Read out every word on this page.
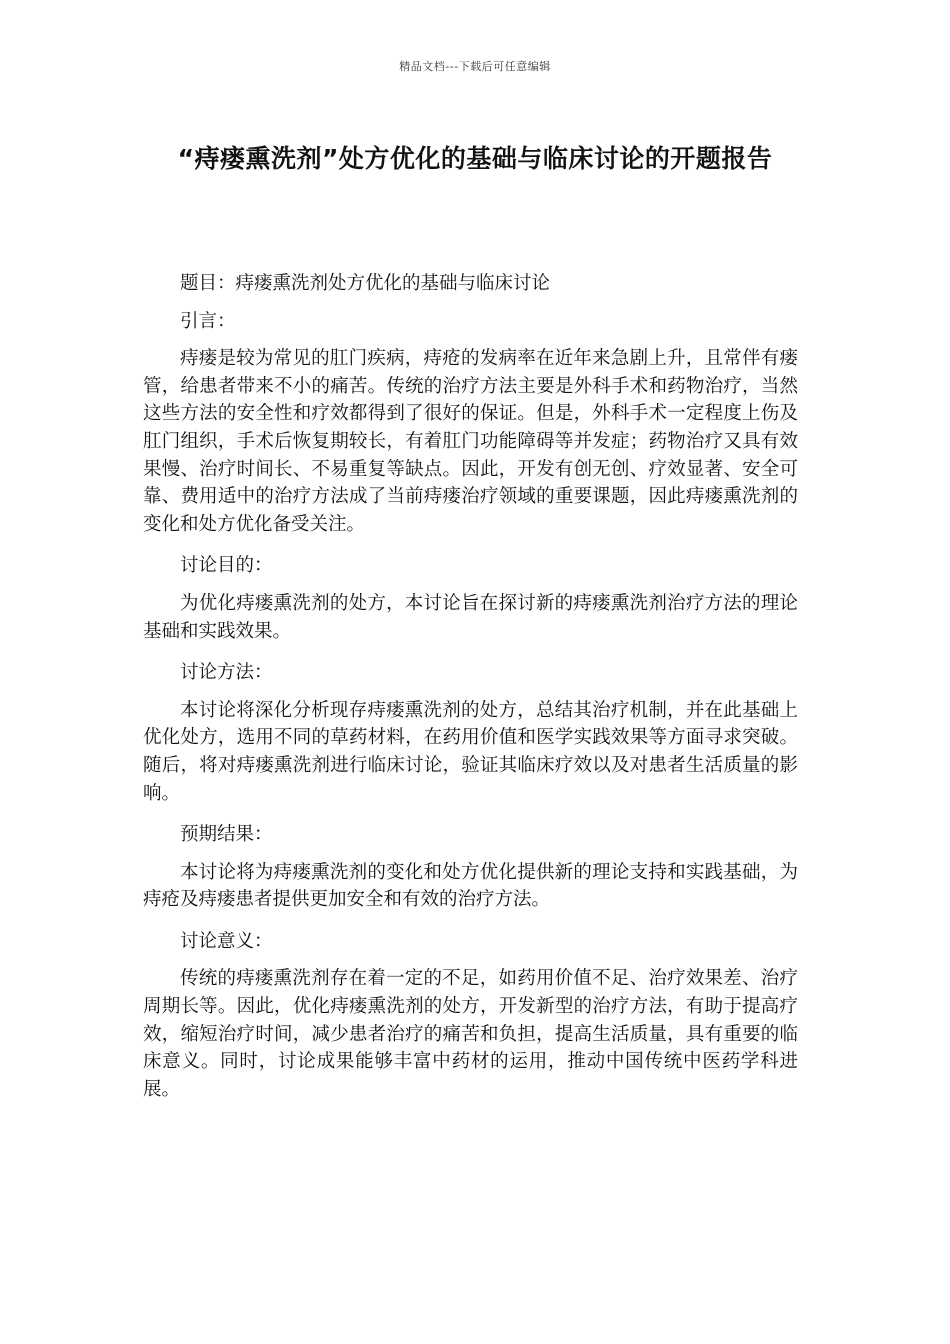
精品文档---下载后可任意编辑
“痔瘘熏洗剂”处方优化的基础与临床讨论的开题报告

题目：痔瘘熏洗剂处方优化的基础与临床讨论

引言：

痔瘘是较为常见的肛门疾病，痔疮的发病率在近年来急剧上升，且常伴有瘘管，给患者带来不小的痛苦。传统的治疗方法主要是外科手术和药物治疗，当然这些方法的安全性和疗效都得到了很好的保证。但是，外科手术一定程度上伤及肛门组织，手术后恢复期较长，有着肛门功能障碍等并发症；药物治疗又具有效果慢、治疗时间长、不易重复等缺点。因此，开发有创无创、疗效显著、安全可靠、费用适中的治疗方法成了当前痔瘘治疗领域的重要课题，因此痔瘘熏洗剂的变化和处方优化备受关注。

讨论目的：

为优化痔瘘熏洗剂的处方，本讨论旨在探讨新的痔瘘熏洗剂治疗方法的理论基础和实践效果。

讨论方法：

本讨论将深化分析现存痔瘘熏洗剂的处方，总结其治疗机制，并在此基础上优化处方，选用不同的草药材料，在药用价值和医学实践效果等方面寻求突破。随后，将对痔瘘熏洗剂进行临床讨论，验证其临床疗效以及对患者生活质量的影响。

预期结果：

本讨论将为痔瘘熏洗剂的变化和处方优化提供新的理论支持和实践基础，为痔疮及痔瘘患者提供更加安全和有效的治疗方法。

讨论意义：

传统的痔瘘熏洗剂存在着一定的不足，如药用价值不足、治疗效果差、治疗周期长等。因此，优化痔瘘熏洗剂的处方，开发新型的治疗方法，有助于提高疗效，缩短治疗时间，减少患者治疗的痛苦和负担，提高生活质量，具有重要的临床意义。同时，讨论成果能够丰富中药材的运用，推动中国传统中医药学科进展。
